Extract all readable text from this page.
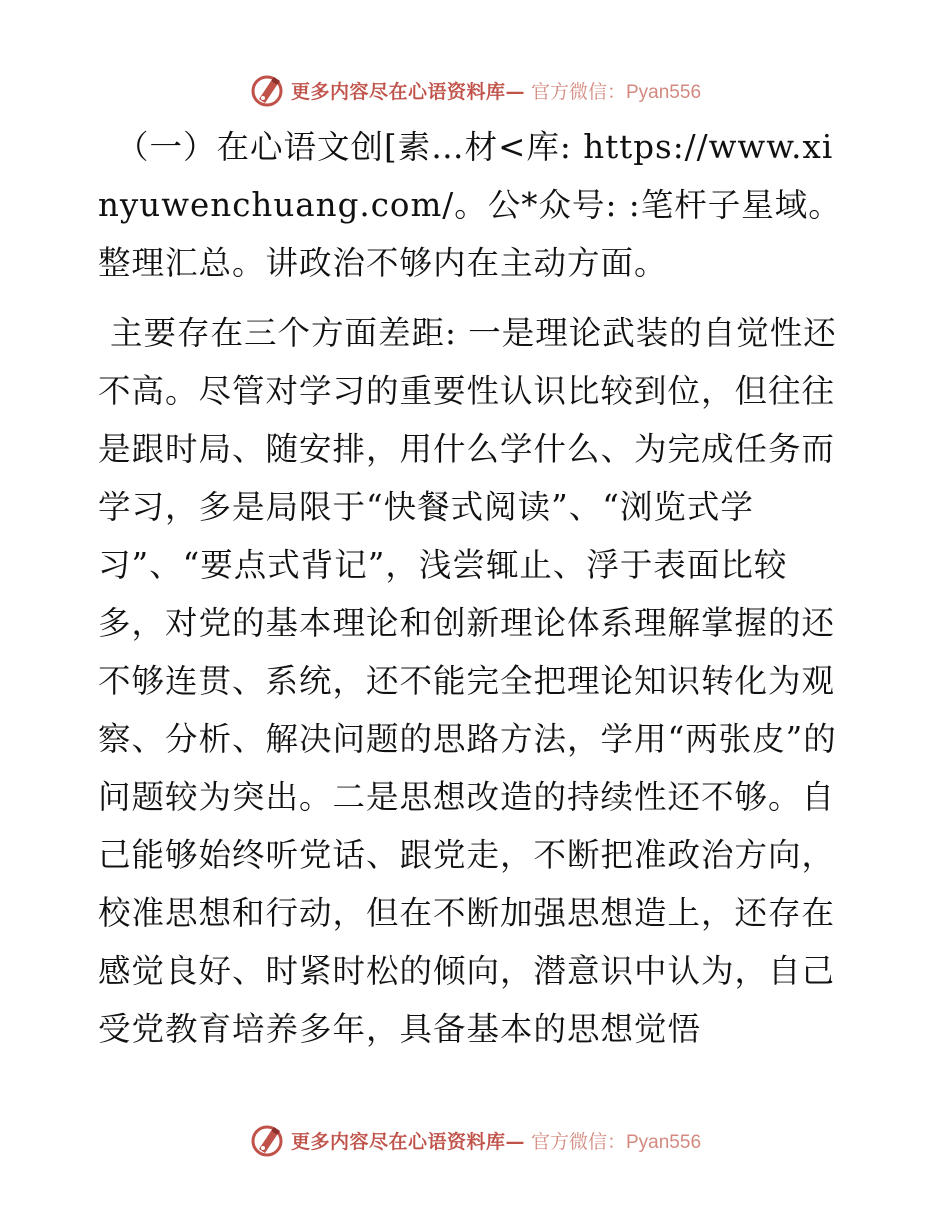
更多内容尽在心语资料库— 官方微信：Pyan556

（一）在心语文创[素…材<库: https://www.xinyuwenchuang.com/。公*众号: :笔杆子星域。整理汇总。讲政治不够内在主动方面。

主要存在三个方面差距: 一是理论武装的自觉性还不高。尽管对学习的重要性认识比较到位，但往往是跟时局、随安排，用什么学什么、为完成任务而学习，多是局限于“快餐式阅读”、“浏览式学习”、“要点式背记”，浅尝辄止、浮于表面比较多，对党的基本理论和创新理论体系理解掌握的还不够连贯、系统，还不能完全把理论知识转化为观察、分析、解决问题的思路方法，学用“两张皮”的问题较为突出。二是思想改造的持续性还不够。自己能够始终听党话、跟党走，不断把准政治方向，校准思想和行动，但在不断加强思想造上，还存在感觉良好、时紧时松的倾向，潜意识中认为，自己受党教育培养多年，具备基本的思想觉悟

更多内容尽在心语资料库— 官方微信：Pyan556
